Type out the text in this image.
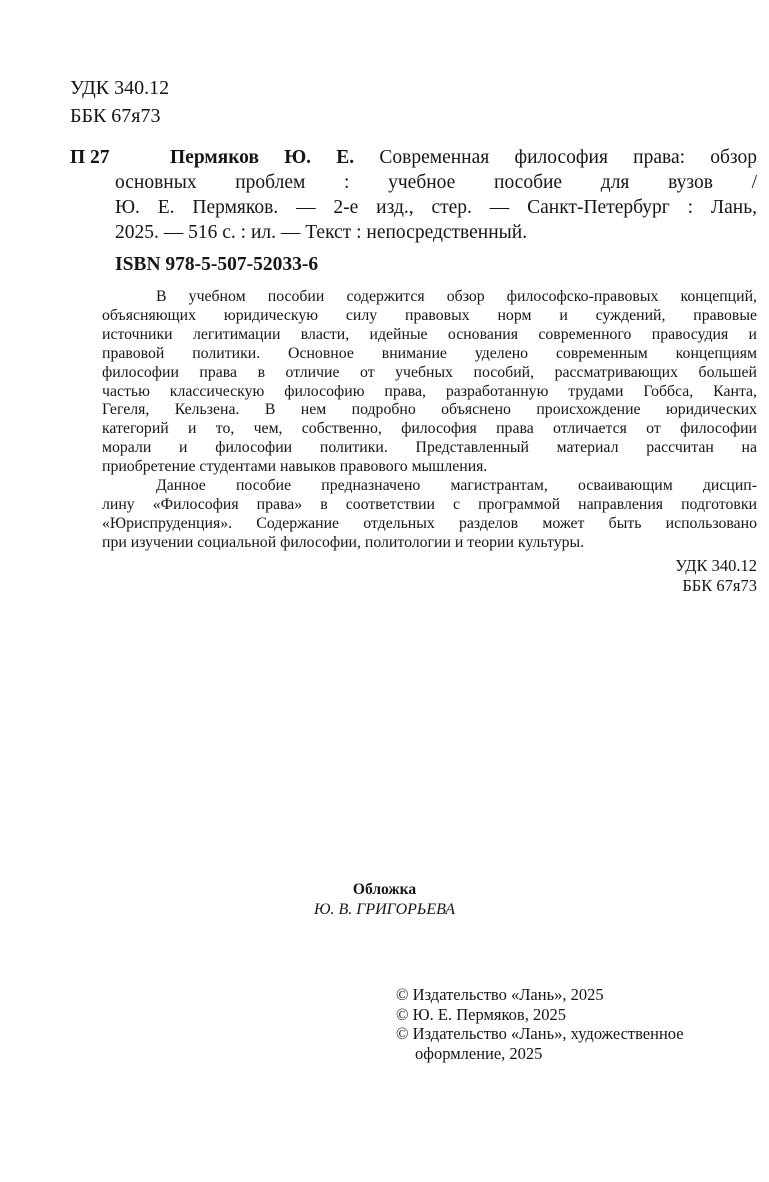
УДК 340.12
ББК 67я73
П 27	Пермяков Ю. Е. Современная философия права: обзор
основных проблем : учебное пособие для вузов /
Ю. Е. Пермяков. — 2-е изд., стер. — Санкт-Петербург : Лань,
2025. — 516 с. : ил. — Текст : непосредственный.
ISBN 978-5-507-52033-6
В учебном пособии содержится обзор философско-правовых концепций,
объясняющих юридическую силу правовых норм и суждений, правовые
источники легитимации власти, идейные основания современного правосудия и
правовой политики. Основное внимание уделено современным концепциям
философии права в отличие от учебных пособий, рассматривающих большей
частью классическую философию права, разработанную трудами Гоббса, Канта,
Гегеля, Кельзена. В нем подробно объяснено происхождение юридических
категорий и то, чем, собственно, философия права отличается от философии
морали и философии политики. Представленный материал рассчитан на
приобретение студентами навыков правового мышления.
Данное пособие предназначено магистрантам, осваивающим дисцип-
лину «Философия права» в соответствии с программой направления подготовки
«Юриспруденция». Содержание отдельных разделов может быть использовано
при изучении социальной философии, политологии и теории культуры.
УДК 340.12
ББК 67я73
Обложка
Ю. В. ГРИГОРЬЕВА
© Издательство «Лань», 2025
© Ю. Е. Пермяков, 2025
© Издательство «Лань», художественное
оформление, 2025
